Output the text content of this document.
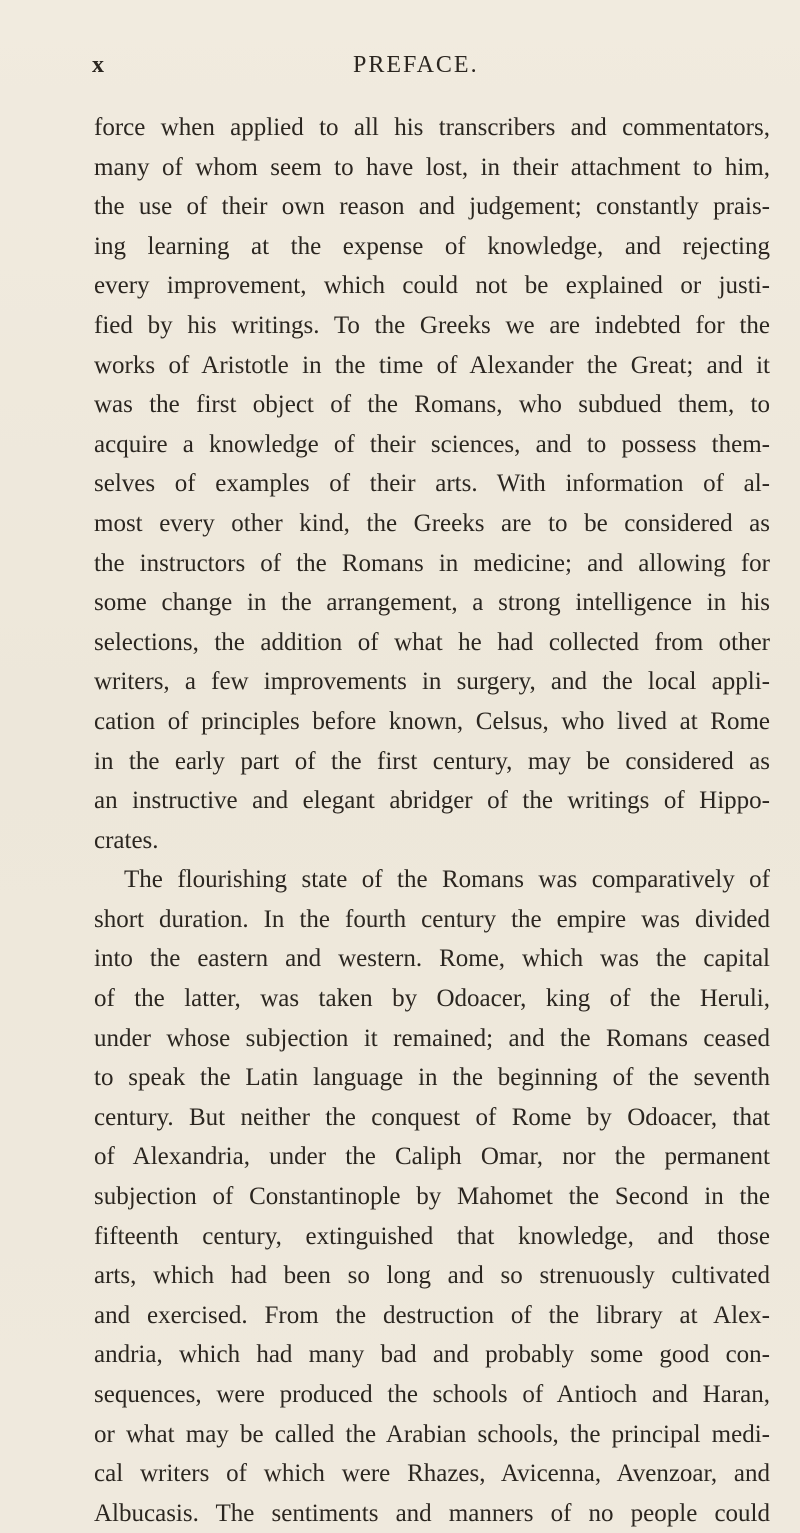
x	PREFACE.
force when applied to all his transcribers and commentators,
many of whom seem to have lost, in their attachment to him,
the use of their own reason and judgement; constantly prais-
ing learning at the expense of knowledge, and rejecting
every improvement, which could not be explained or justi-
fied by his writings. To the Greeks we are indebted for the
works of Aristotle in the time of Alexander the Great; and it
was the first object of the Romans, who subdued them, to
acquire a knowledge of their sciences, and to possess them-
selves of examples of their arts. With information of al-
most every other kind, the Greeks are to be considered as
the instructors of the Romans in medicine; and allowing for
some change in the arrangement, a strong intelligence in his
selections, the addition of what he had collected from other
writers, a few improvements in surgery, and the local appli-
cation of principles before known, Celsus, who lived at Rome
in the early part of the first century, may be considered as
an instructive and elegant abridger of the writings of Hippo-
crates.
The flourishing state of the Romans was comparatively of
short duration. In the fourth century the empire was divided
into the eastern and western. Rome, which was the capital
of the latter, was taken by Odoacer, king of the Heruli,
under whose subjection it remained; and the Romans ceased
to speak the Latin language in the beginning of the seventh
century. But neither the conquest of Rome by Odoacer, that
of Alexandria, under the Caliph Omar, nor the permanent
subjection of Constantinople by Mahomet the Second in the
fifteenth century, extinguished that knowledge, and those
arts, which had been so long and so strenuously cultivated
and exercised. From the destruction of the library at Alex-
andria, which had many bad and probably some good con-
sequences, were produced the schools of Antioch and Haran,
or what may be called the Arabian schools, the principal medi-
cal writers of which were Rhazes, Avicenna, Avenzoar, and
Albucasis. The sentiments and manners of no people could
